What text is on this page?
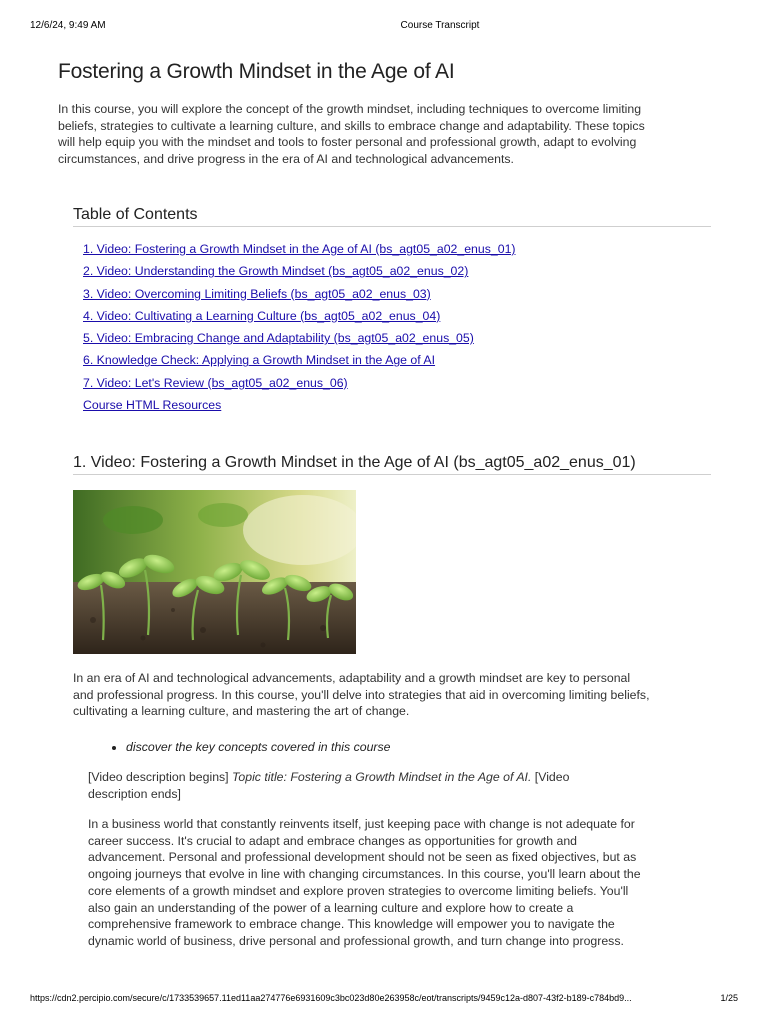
12/6/24, 9:49 AM	Course Transcript
Fostering a Growth Mindset in the Age of AI

In this course, you will explore the concept of the growth mindset, including techniques to overcome limiting beliefs, strategies to cultivate a learning culture, and skills to embrace change and adaptability. These topics will help equip you with the mindset and tools to foster personal and professional growth, adapt to evolving circumstances, and drive progress in the era of AI and technological advancements.

Table of Contents
1. Video: Fostering a Growth Mindset in the Age of AI (bs_agt05_a02_enus_01)
2. Video: Understanding the Growth Mindset (bs_agt05_a02_enus_02)
3. Video: Overcoming Limiting Beliefs (bs_agt05_a02_enus_03)
4. Video: Cultivating a Learning Culture (bs_agt05_a02_enus_04)
5. Video: Embracing Change and Adaptability (bs_agt05_a02_enus_05)
6. Knowledge Check: Applying a Growth Mindset in the Age of AI
7. Video: Let's Review (bs_agt05_a02_enus_06)
Course HTML Resources
1. Video: Fostering a Growth Mindset in the Age of AI (bs_agt05_a02_enus_01)

In an era of AI and technological advancements, adaptability and a growth mindset are key to personal and professional progress. In this course, you'll delve into strategies that aid in overcoming limiting beliefs, cultivating a learning culture, and mastering the art of change.

• discover the key concepts covered in this course

[Video description begins] Topic title: Fostering a Growth Mindset in the Age of AI. [Video description ends]

In a business world that constantly reinvents itself, just keeping pace with change is not adequate for career success. It's crucial to adapt and embrace changes as opportunities for growth and advancement. Personal and professional development should not be seen as fixed objectives, but as ongoing journeys that evolve in line with changing circumstances. In this course, you'll learn about the core elements of a growth mindset and explore proven strategies to overcome limiting beliefs. You'll also gain an understanding of the power of a learning culture and explore how to create a comprehensive framework to embrace change. This knowledge will empower you to navigate the dynamic world of business, drive personal and professional growth, and turn change into progress.

https://cdn2.percipio.com/secure/c/1733539657.11ed11aa274776e6931609c3bc023d80e263958c/eot/transcripts/9459c12a-d807-43f2-b189-c784bd9...	1/25
